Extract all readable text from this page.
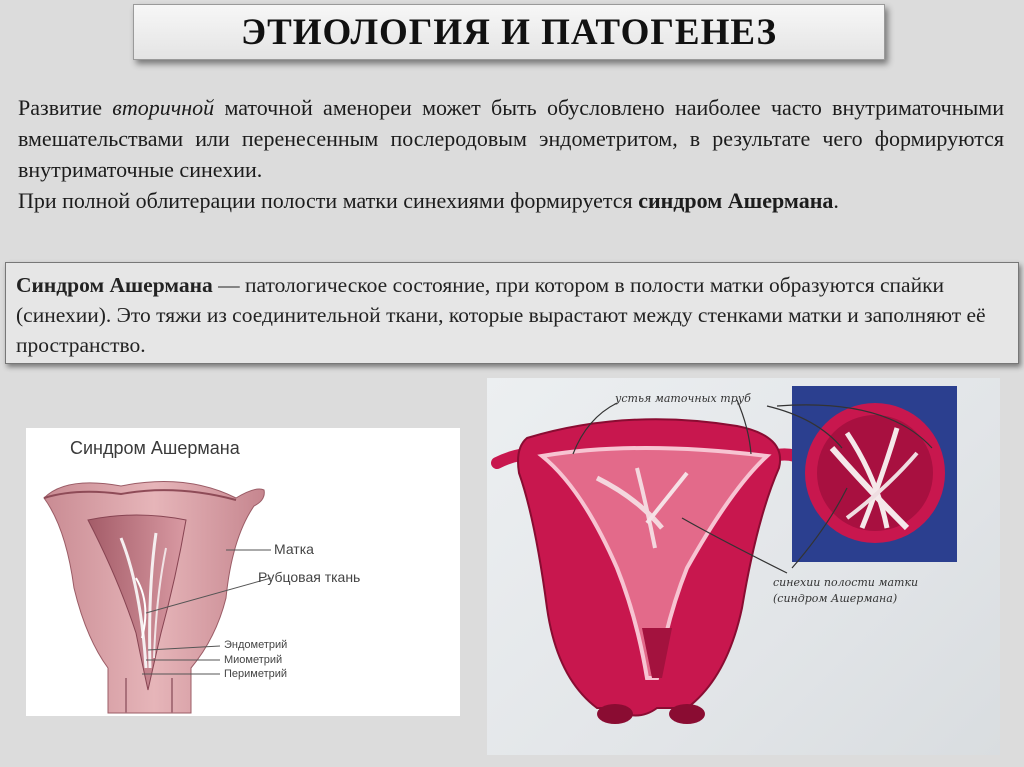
ЭТИОЛОГИЯ И ПАТОГЕНЕЗ

Развитие вторичной маточной аменореи может быть обусловлено наиболее часто внутриматочными вмешательствами или перенесенным послеродовым эндометритом, в результате чего формируются внутриматочные синехии.

При полной облитерации полости матки синехиями формируется синдром Ашермана.

Синдром Ашермана — патологическое состояние, при котором в полости матки образуются спайки (синехии). Это тяжи из соединительной ткани, которые вырастают между стенками матки и заполняют её пространство.
Синдром Ашермана
Матка
Рубцовая ткань
Эндометрий
Миометрий
Периметрий
устья маточных труб
синехии полости матки
(синдром Ашермана)
